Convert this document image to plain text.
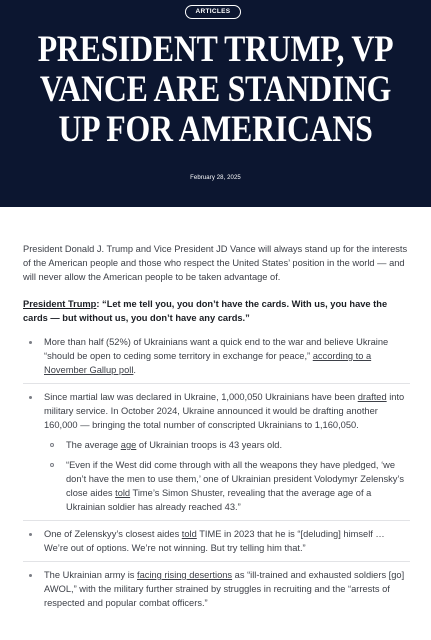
ARTICLES
PRESIDENT TRUMP, VP
VANCE ARE STANDING
UP FOR AMERICANS
February 28, 2025

President Donald J. Trump and Vice President JD Vance will always stand up for the interests of the American people and those who respect the United States’ position in the world — and will never allow the American people to be taken advantage of.

President Trump: “Let me tell you, you don’t have the cards. With us, you have the cards — but without us, you don’t have any cards.”

More than half (52%) of Ukrainians want a quick end to the war and believe Ukraine “should be open to ceding some territory in exchange for peace,” according to a November Gallup poll.
Since martial law was declared in Ukraine, 1,000,050 Ukrainians have been drafted into military service. In October 2024, Ukraine announced it would be drafting another 160,000 — bringing the total number of conscripted Ukrainians to 1,160,050.
The average age of Ukrainian troops is 43 years old.
“Even if the West did come through with all the weapons they have pledged, ‘we don’t have the men to use them,’ one of Ukrainian president Volodymyr Zelensky’s close aides told Time’s Simon Shuster, revealing that the average age of a Ukrainian soldier has already reached 43.”
One of Zelenskyy’s closest aides told TIME in 2023 that he is “[deluding] himself … We’re out of options. We’re not winning. But try telling him that.”
The Ukrainian army is facing rising desertions as “ill-trained and exhausted soldiers [go] AWOL,” with the military further strained by struggles in recruiting and the “arrests of respected and popular combat officers.”
